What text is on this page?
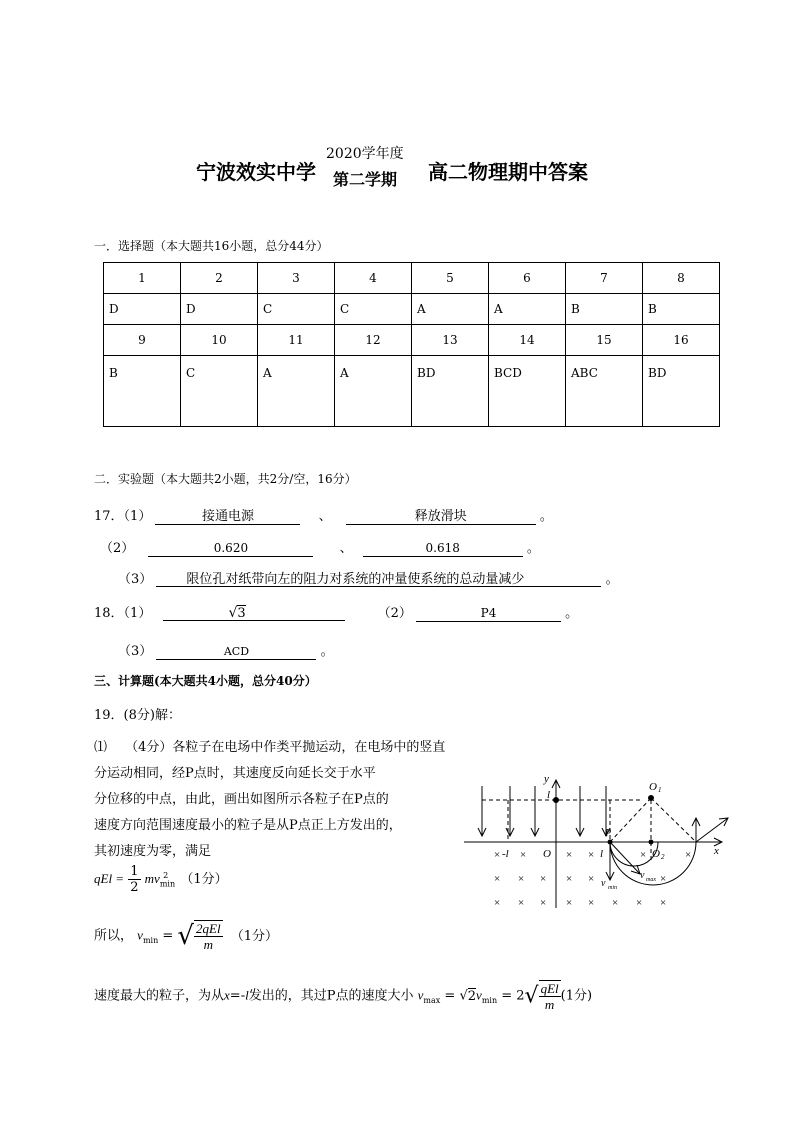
宁波效实中学
2020学年度
第二学期 高二物理期中答案
一．选择题（本大题共16小题，总分44分）
1	2	3	4	5	6	7	8
D	D	C	C	A	A	B	B
9	10	11	12	13	14	15	16
B	C	A	A	BD	BCD	ABC	BD
二．实验题（本大题共2小题，共2分/空，16分）
17．（1）	接通电源	、	释放滑块	。
（2）	0.620	、	0.618	。
（3）	限位孔对纸带向左的阻力对系统的冲量使系统的总动量减少	。
18．（1）	√3	（2）	P4	。
（3）	ACD	。
三、计算题(本大题共4小题，总分40分）
19．(8分)解：
⑴ （4分）各粒子在电场中作类平抛运动，在电场中的竖直
分运动相同，经P点时，其速度反向延长交于水平
分位移的中点，由此，画出如图所示各粒子在P点的
速度方向范围速度最小的粒子是从P点正上方发出的，
其初速度为零，满足
qEl = $\frac{1}{2} mv_{min}^2$ （1分）
所以， $v_{min}$ = √ $\frac{\text{2qEl}}{m} (1$分）
速度最大的粒子，为从x=-l发出的，其过P点的速度大小 $v_{max} = √2v_{min} = 2√ \frac{\text{qEl}}{m} (1$分)
y
x
l
O 1
O
P
O 2
-l	l
v min
v max
× ×	× ×	×	×
× × × × ×	×
× × × × × × × ×
